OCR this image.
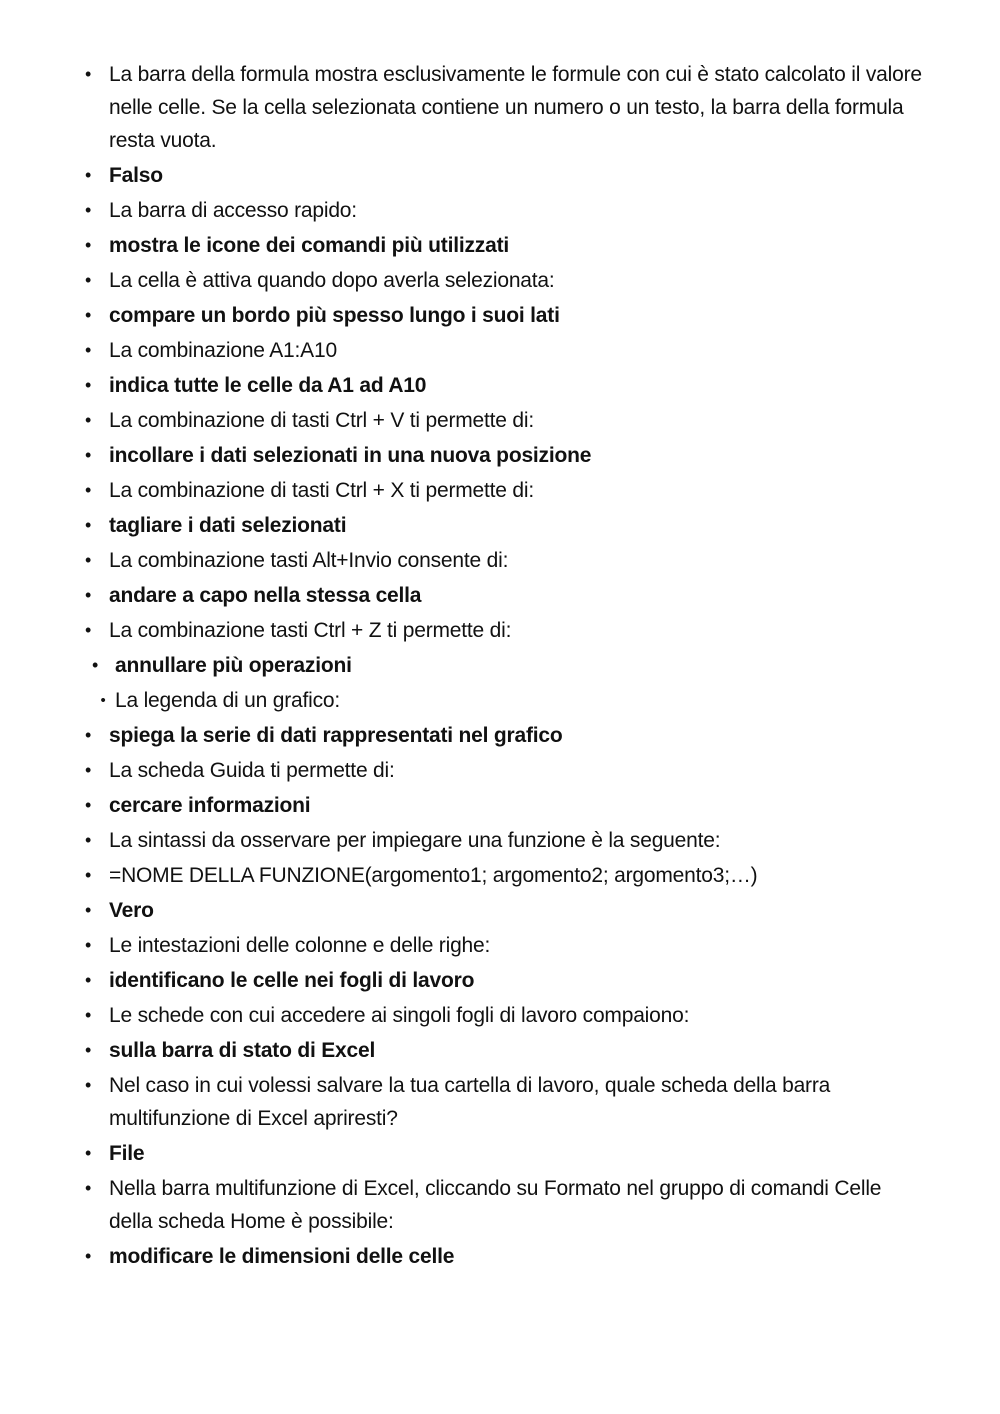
• La barra della formula mostra esclusivamente le formule con cui è stato calcolato il valore nelle celle. Se la cella selezionata contiene un numero o un testo, la barra della formula resta vuota.
• Falso
• La barra di accesso rapido:
• mostra le icone dei comandi più utilizzati
• La cella è attiva quando dopo averla selezionata:
• compare un bordo più spesso lungo i suoi lati
• La combinazione A1:A10
• indica tutte le celle da A1 ad A10
• La combinazione di tasti Ctrl + V ti permette di:
• incollare i dati selezionati in una nuova posizione
• La combinazione di tasti Ctrl + X ti permette di:
• tagliare i dati selezionati
• La combinazione tasti Alt+Invio consente di:
• andare a capo nella stessa cella
• La combinazione tasti Ctrl + Z ti permette di:
• annullare più operazioni
• La legenda di un grafico:
• spiega la serie di dati rappresentati nel grafico
• La scheda Guida ti permette di:
• cercare informazioni
• La sintassi da osservare per impiegare una funzione è la seguente:
• =NOME DELLA FUNZIONE(argomento1; argomento2; argomento3;…)
• Vero
• Le intestazioni delle colonne e delle righe:
• identificano le celle nei fogli di lavoro
• Le schede con cui accedere ai singoli fogli di lavoro compaiono:
• sulla barra di stato di Excel
• Nel caso in cui volessi salvare la tua cartella di lavoro, quale scheda della barra multifunzione di Excel apriresti?
• File
• Nella barra multifunzione di Excel, cliccando su Formato nel gruppo di comandi Celle della scheda Home è possibile:
• modificare le dimensioni delle celle
